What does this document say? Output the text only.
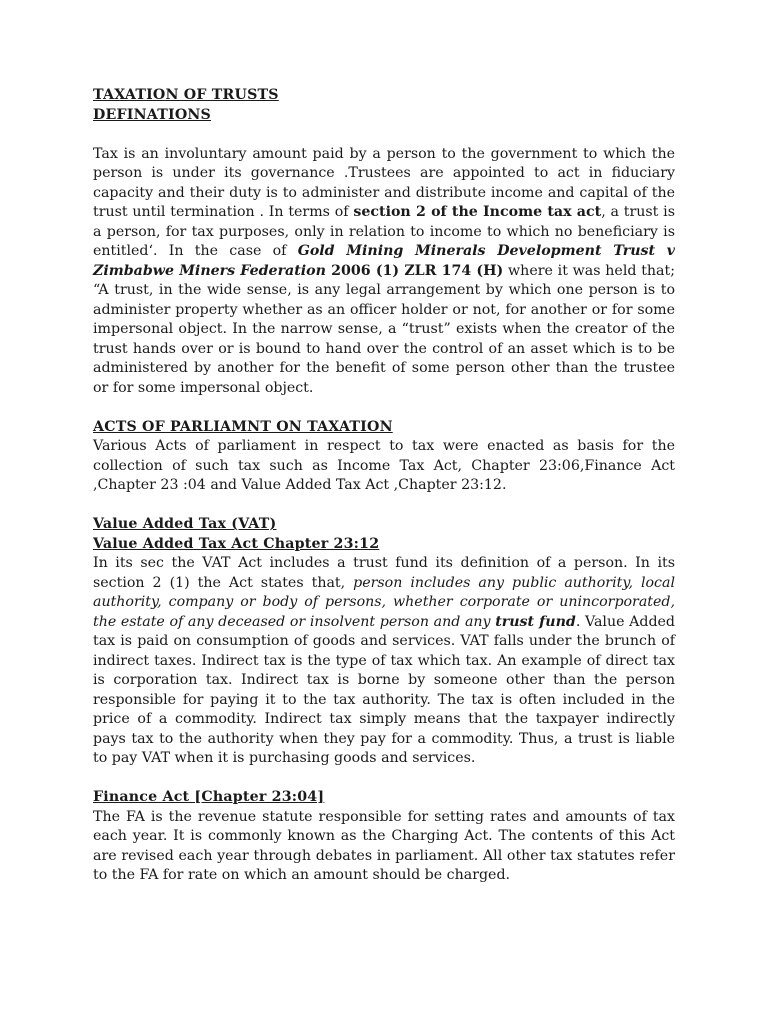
TAXATION OF TRUSTS

DEFINATIONS

Tax is an involuntary amount paid by a person to the government to which the person is under its governance .Trustees are appointed to act in fiduciary capacity and their duty is to administer and distribute income and capital of the trust until termination . In terms of section 2 of the Income tax act, a trust is a person, for tax purposes, only in relation to income to which no beneficiary is entitled‘. In the case of Gold Mining Minerals Development Trust v Zimbabwe Miners Federation 2006 (1) ZLR 174 (H) where it was held that; “A trust, in the wide sense, is any legal arrangement by which one person is to administer property whether as an officer holder or not, for another or for some impersonal object. In the narrow sense, a “trust” exists when the creator of the trust hands over or is bound to hand over the control of an asset which is to be administered by another for the benefit of some person other than the trustee or for some impersonal object.

ACTS OF PARLIAMNT ON TAXATION

Various Acts of parliament in respect to tax were enacted as basis for the collection of such tax such as Income Tax Act, Chapter 23:06,Finance Act ,Chapter 23 :04 and Value Added Tax Act ,Chapter 23:12.

Value Added Tax (VAT)

Value Added Tax Act Chapter 23:12

In its sec the VAT Act includes a trust fund its definition of a person. In its section 2 (1) the Act states that, person includes any public authority, local authority, company or body of persons, whether corporate or unincorporated, the estate of any deceased or insolvent person and any trust fund. Value Added tax is paid on consumption of goods and services. VAT falls under the brunch of indirect taxes. Indirect tax is the type of tax which tax. An example of direct tax is corporation tax. Indirect tax is borne by someone other than the person responsible for paying it to the tax authority. The tax is often included in the price of a commodity. Indirect tax simply means that the taxpayer indirectly pays tax to the authority when they pay for a commodity. Thus, a trust is liable to pay VAT when it is purchasing goods and services.

Finance Act [Chapter 23:04]

The FA is the revenue statute responsible for setting rates and amounts of tax each year. It is commonly known as the Charging Act. The contents of this Act are revised each year through debates in parliament. All other tax statutes refer to the FA for rate on which an amount should be charged.
